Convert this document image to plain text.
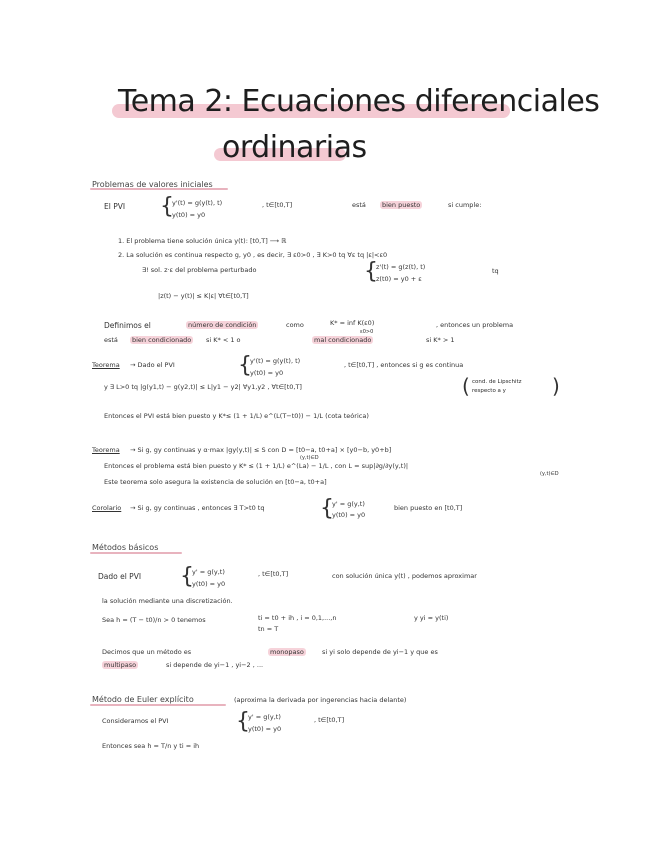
Tema 2: Ecuaciones diferenciales
ordinarias
Problemas de valores iniciales
El PVI {
y'(t) = g(y(t), t)
y(t0) = y0
, t∈[t0,T]	está	bien puesto	si cumple:
1. El problema tiene solución única y(t): [t0,T] ⟶ ℝ
2. La solución es continua respecto g, y0 , es decir, ∃ ε0>0 , ∃ K>0 tq ∀ε tq |ε|<ε0
∃! sol. z·ε del problema perturbado	{
z'(t) = g(z(t), t)
z(t0) = y0 + ε
tq
|z(t) − y(t)| ≤ K|ε| ∀t∈[t0,T]
Definimos el	número de condición	como	K* = inf K(ε0)
ε0>0
, entonces un problema
está	bien condicionado	si K* < 1 o	mal condicionado	si K* > 1
Teorema → Dado el PVI	{
y'(t) = g(y(t), t)
y(t0) = y0
, t∈[t0,T] , entonces si g es continua
y ∃ L>0 tq |g(y1,t) − g(y2,t)| ≤ L|y1 − y2| ∀y1,y2 , ∀t∈[t0,T]	( cond. de Lipschitz
respecto a y )
Entonces el PVI está bien puesto y K*≤ (1 + 1/L) e^(L(T−t0)) − 1/L (cota teórica)
Teorema → Si g, gy continuas y α·max |gy(y,t)| ≤ S con D = [t0−a, t0+a] × [y0−b, y0+b]
(y,t)∈D
Entonces el problema está bien puesto y K* ≤ (1 + 1/L) e^(La) − 1/L , con L = sup|∂g/∂y(y,t)|
(y,t)∈D
Este teorema solo asegura la existencia de solución en [t0−a, t0+a]
Corolario → Si g, gy continuas , entonces ∃ T>t0 tq	{
y' = g(y,t)
y(t0) = y0
bien puesto en [t0,T]
Métodos básicos
Dado el PVI {
y' = g(y,t)
y(t0) = y0
, t∈[t0,T]	con solución única y(t) , podemos aproximar
la solución mediante una discretización.
Sea h = (T − t0)/n > 0 tenemos	ti = t0 + ih , i = 0,1,...,n
tn = T
y yi ≈ y(ti)
Decimos que un método es	monopaso	si yi solo depende de yi−1 y que es
multipaso	si depende de yi−1 , yi−2 , ...
Método de Euler explícito	(aproxima la derivada por ingerencias hacia delante)
Consideramos el PVI	{
y' = g(y,t)
y(t0) = y0
, t∈[t0,T]
Entonces sea h = T/n y ti = ih
